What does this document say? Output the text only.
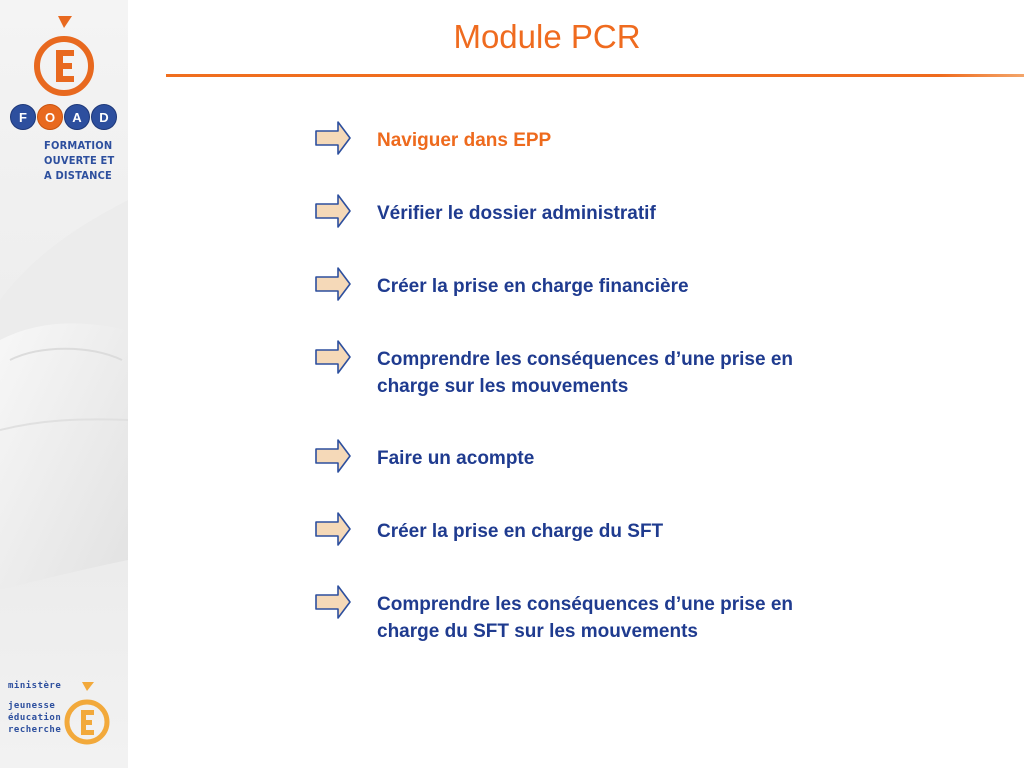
F	O	A	D
FORMATION
OUVERTE ET
A DISTANCE
ministère
jeunesse
éducation
recherche
Module PCR
Naviguer dans EPP
Vérifier le dossier administratif
Créer la prise en charge financière
Comprendre les conséquences d’une prise en charge sur les mouvements
Faire un acompte
Créer la prise en charge du SFT
Comprendre les conséquences d’une prise en charge du SFT sur les mouvements
